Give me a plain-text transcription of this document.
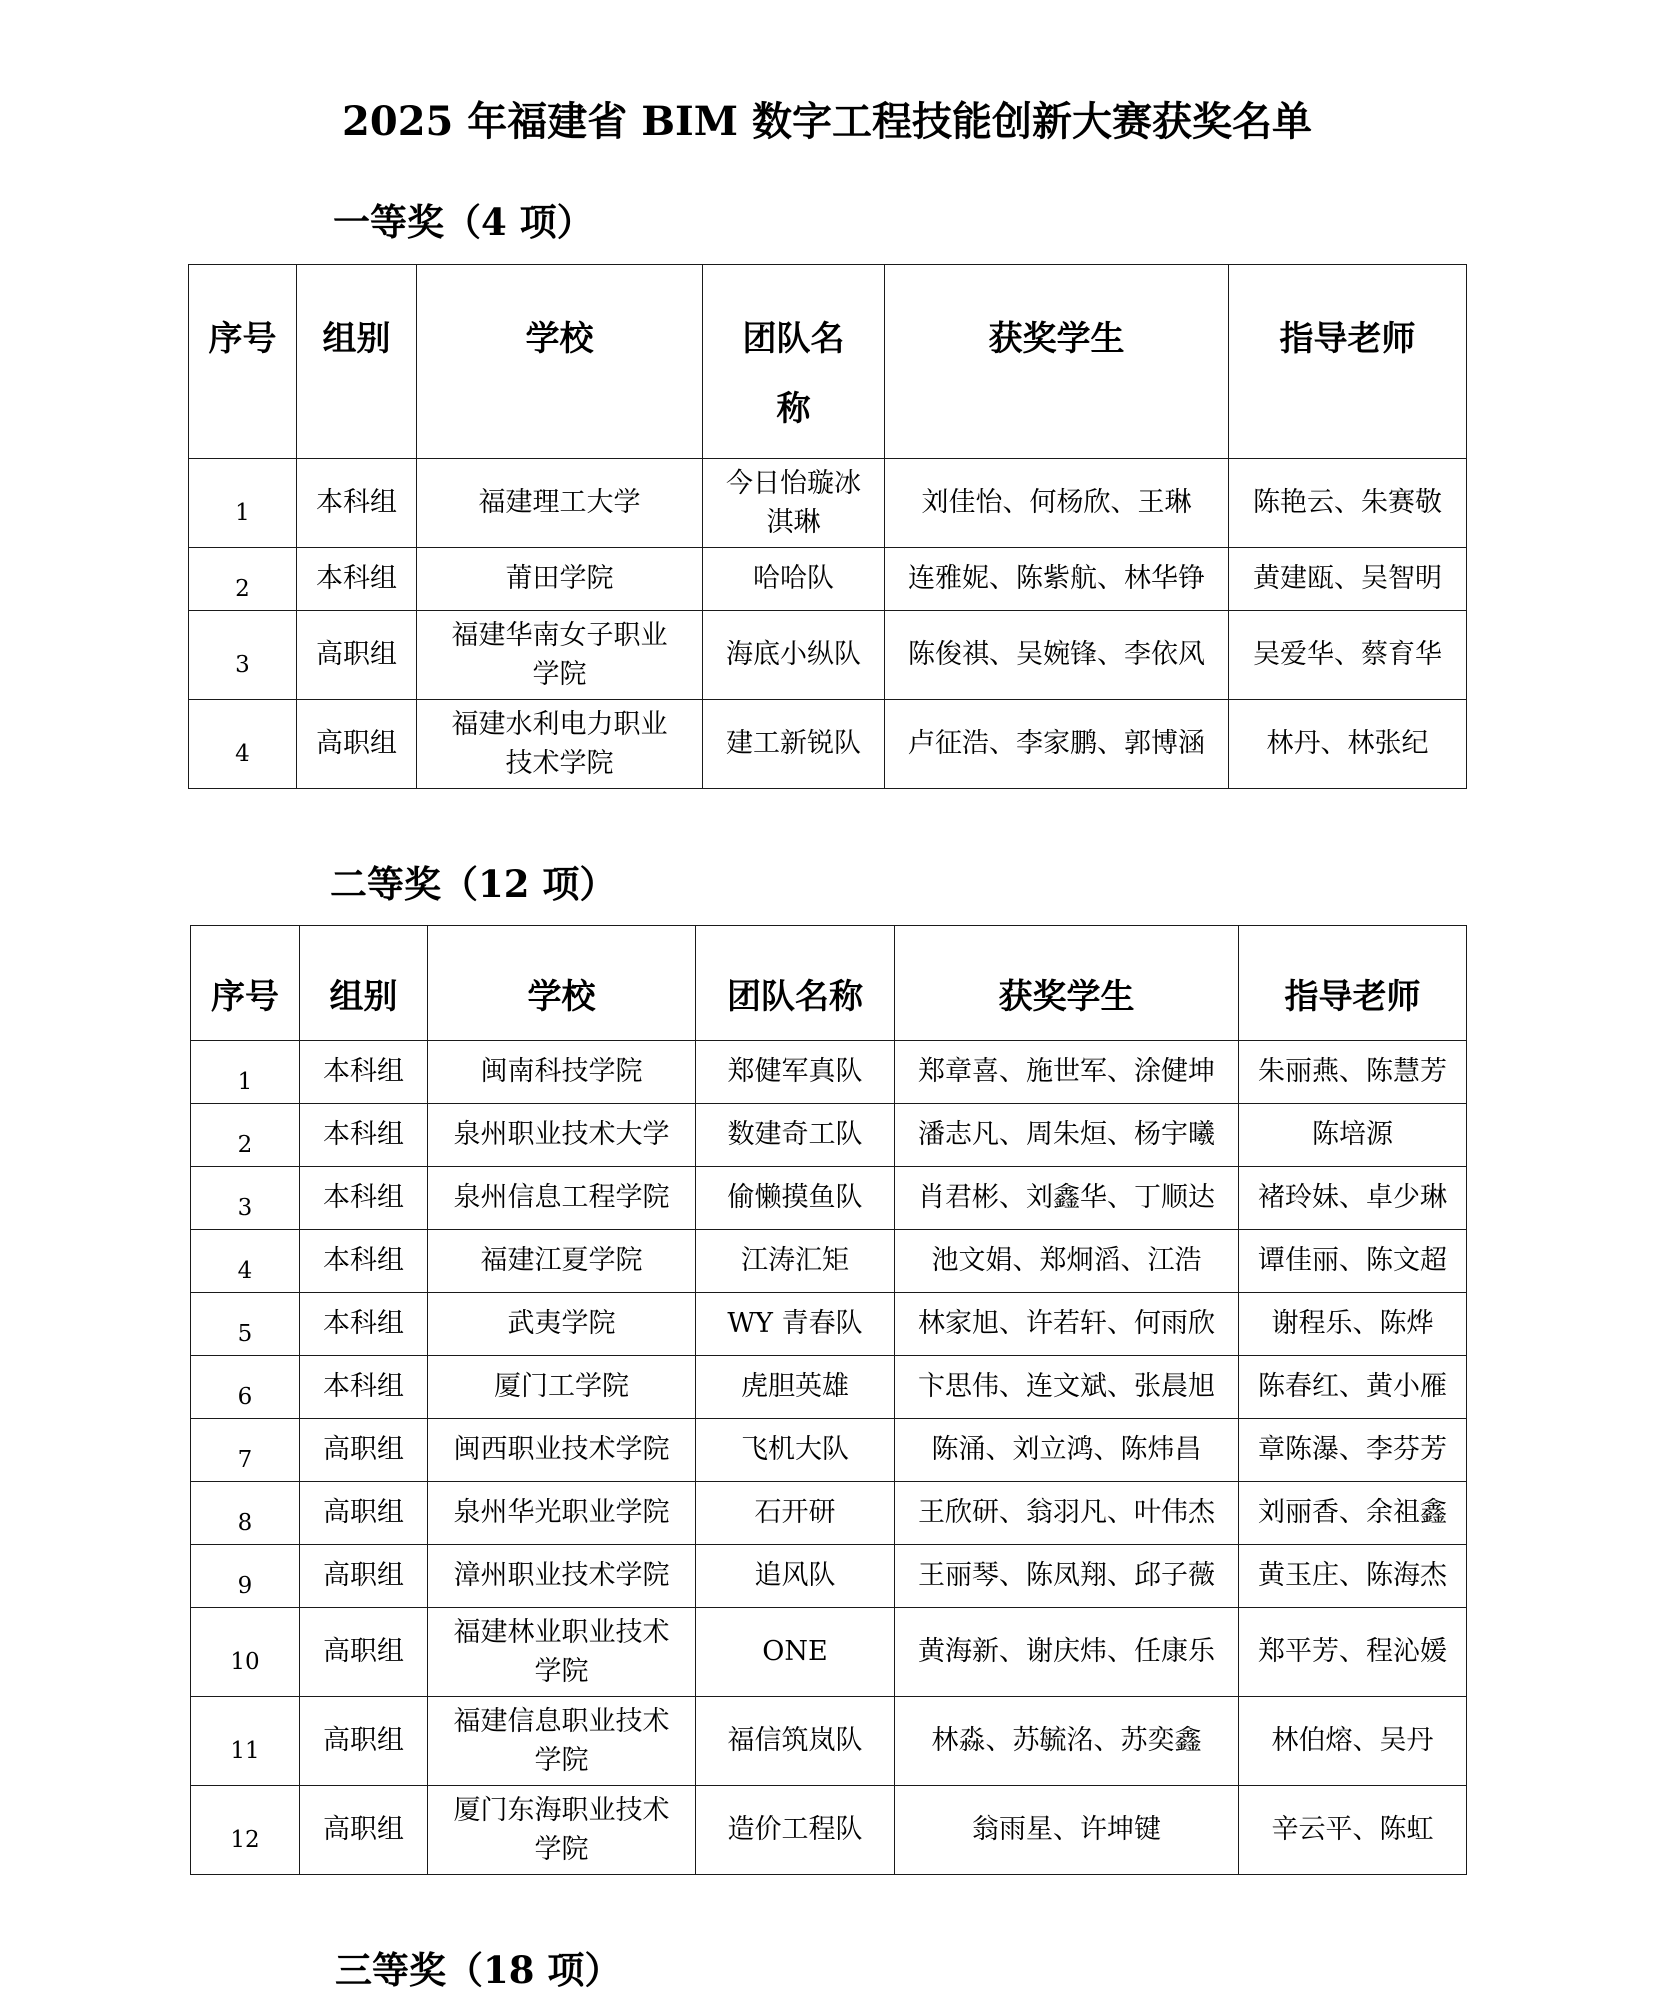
2025 年福建省 BIM 数字工程技能创新大赛获奖名单
一等奖（4 项）
序号	组别	学校	团队名
称	获奖学生	指导老师

1	本科组	福建理工大学	今日怡璇冰
淇琳	刘佳怡、何杨欣、王琳	陈艳云、朱赛敬

2	本科组	莆田学院	哈哈队	连雅妮、陈紫航、林华铮	黄建瓯、吴智明

3	高职组	福建华南女子职业
学院	海底小纵队	陈俊祺、吴婉锋、李依风	吴爱华、蔡育华

4	高职组	福建水利电力职业
技术学院	建工新锐队	卢征浩、李家鹏、郭博涵	林丹、林张纪
二等奖（12 项）
序号	组别	学校	团队名称	获奖学生	指导老师

1	本科组	闽南科技学院	郑健军真队	郑章喜、施世军、涂健坤	朱丽燕、陈慧芳

2	本科组	泉州职业技术大学	数建奇工队	潘志凡、周朱烜、杨宇曦	陈培源

3	本科组	泉州信息工程学院	偷懒摸鱼队	肖君彬、刘鑫华、丁顺达	褚玲妹、卓少琳

4	本科组	福建江夏学院	江涛汇矩	池文娟、郑炯滔、江浩	谭佳丽、陈文超

5	本科组	武夷学院	WY 青春队	林家旭、许若轩、何雨欣	谢程乐、陈烨

6	本科组	厦门工学院	虎胆英雄	卞思伟、连文斌、张晨旭	陈春红、黄小雁

7	高职组	闽西职业技术学院	飞机大队	陈涌、刘立鸿、陈炜昌	章陈瀑、李芬芳

8	高职组	泉州华光职业学院	石开研	王欣研、翁羽凡、叶伟杰	刘丽香、余祖鑫

9	高职组	漳州职业技术学院	追风队	王丽琴、陈凤翔、邱子薇	黄玉庄、陈海杰

10	高职组	福建林业职业技术
学院	ONE	黄海新、谢庆炜、任康乐	郑平芳、程沁媛

11	高职组	福建信息职业技术
学院	福信筑岚队	林淼、苏毓洺、苏奕鑫	林伯熔、吴丹

12	高职组	厦门东海职业技术
学院	造价工程队	翁雨星、许坤键	辛云平、陈虹
三等奖（18 项）
